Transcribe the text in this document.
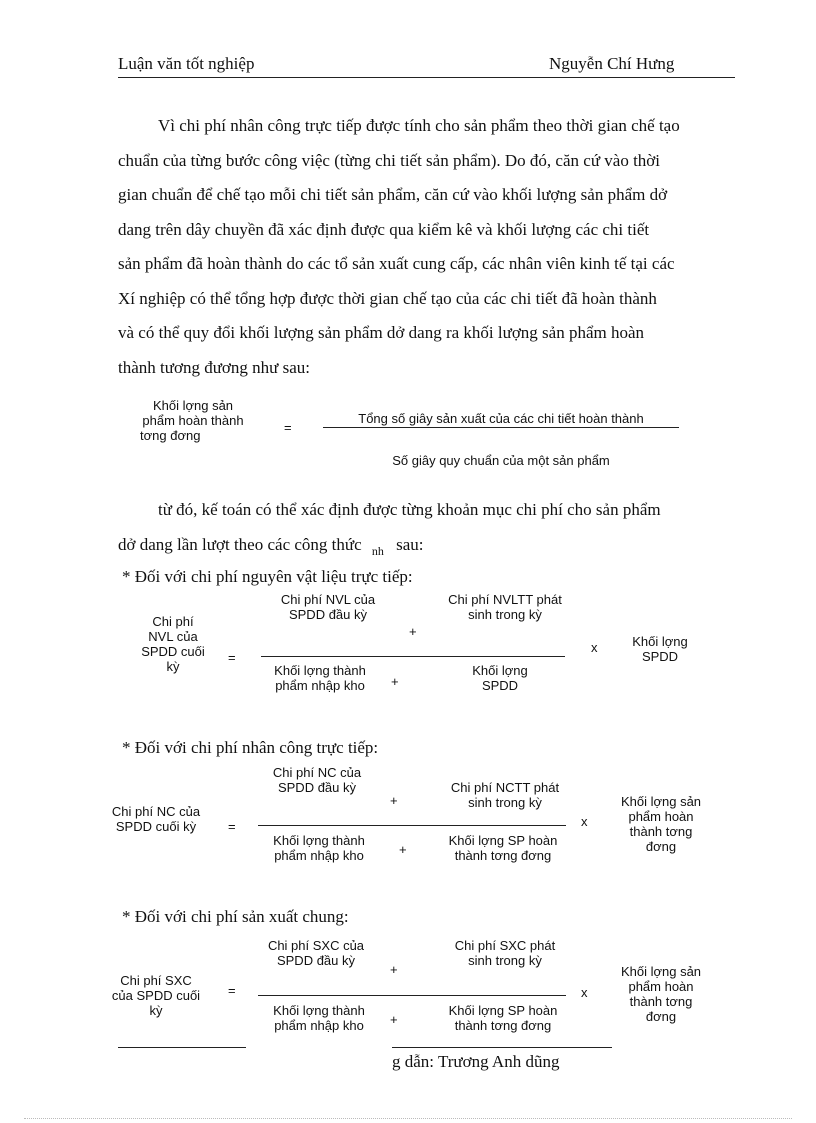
Luận văn tốt nghiệp	Nguyễn Chí Hưng

Vì chi phí nhân công trực tiếp được tính cho sản phẩm theo thời gian chế tạo

chuẩn của từng bước công việc (từng chi tiết sản phẩm). Do đó, căn cứ vào thời

gian chuẩn để chế tạo mỗi chi tiết sản phẩm, căn cứ vào khối lượng sản phẩm dở

dang trên dây chuyền đã xác định được qua kiểm kê và khối lượng các chi tiết

sản phẩm đã hoàn thành do các tổ sản xuất cung cấp, các nhân viên kinh tế tại các

Xí nghiệp có thể tổng hợp được thời gian chế tạo của các chi tiết đã hoàn thành

và có thể quy đổi khối lượng sản phẩm dở dang ra khối lượng sản phẩm hoàn

thành tương đương như sau:

Khối lợng sản
phẩm hoàn thành
tơng đơng
=
Tổng số giây sản xuất của các chi tiết hoàn thành
Số giây quy chuẩn của một sản phẩm
từ đó, kế toán có thể xác định được từng khoản mục chi phí cho sản phẩm
dở dang lần lượt theo các công thức $_{nh}$ sau:
* Đối với chi phí nguyên vật liệu trực tiếp:
Chi phí
NVL của
SPDD cuối
kỳ
=
Chi phí NVL của
SPDD đầu kỳ
+
Chi phí NVLTT phát
sinh trong kỳ
Khối lợng thành
phẩm nhập kho	+
Khối lợng
SPDD
x	Khối lợng
SPDD
* Đối với chi phí nhân công trực tiếp:
Chi phí NC của
SPDD cuối kỳ	=
Chi phí NC của
SPDD đầu kỳ
+
Chi phí NCTT phát
sinh trong kỳ
Khối lợng thành
phẩm nhập kho	+
Khối lợng SP hoàn
thành tơng đơng
x
Khối lợng sản
phẩm hoàn
thành tơng
đơng
* Đối với chi phí sản xuất chung:
Chi phí SXC
của SPDD cuối
kỳ
=
Chi phí SXC của
SPDD đầu kỳ
+
Chi phí SXC phát
sinh trong kỳ
Khối lợng thành
phẩm nhập kho	+
Khối lợng SP hoàn
thành tơng đơng
x
Khối lợng sản
phẩm hoàn
thành tơng
đơng
g dẫn: Trương Anh dũng
